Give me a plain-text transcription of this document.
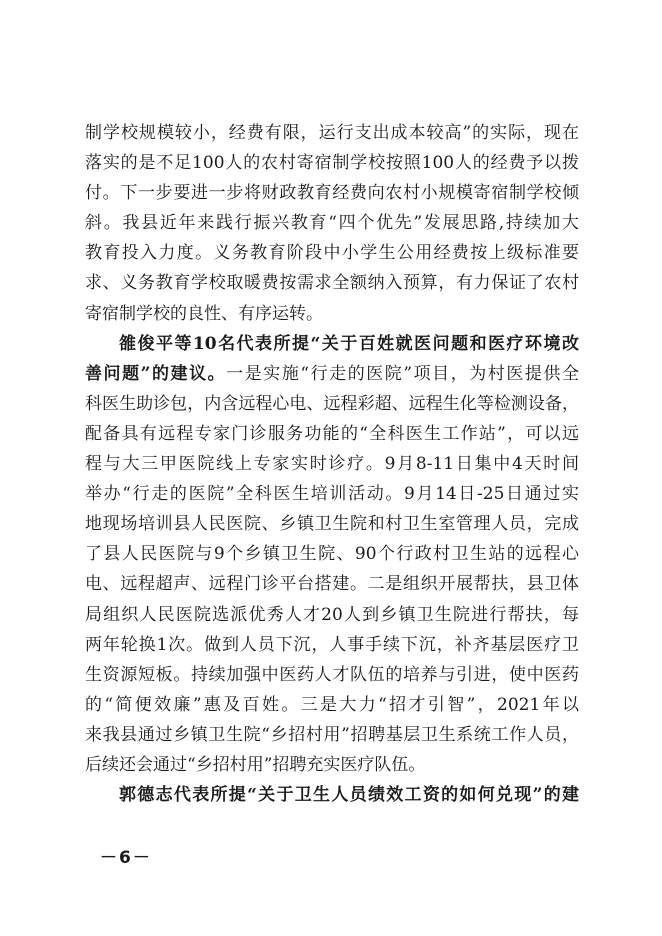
制学校规模较小，经费有限，运行支出成本较高”的实际，现在
落实的是不足100人的农村寄宿制学校按照100人的经费予以拨
付。下一步要进一步将财政教育经费向农村小规模寄宿制学校倾
斜。我县近年来践行振兴教育“四个优先”发展思路,持续加大
教育投入力度。义务教育阶段中小学生公用经费按上级标准要
求、义务教育学校取暖费按需求全额纳入预算，有力保证了农村
寄宿制学校的良性、有序运转。
雒俊平等10名代表所提“关于百姓就医问题和医疗环境改
善问题”的建议。一是实施“行走的医院”项目，为村医提供全
科医生助诊包，内含远程心电、远程彩超、远程生化等检测设备，
配备具有远程专家门诊服务功能的“全科医生工作站”，可以远
程与大三甲医院线上专家实时诊疗。9月8-11日集中4天时间
举办“行走的医院”全科医生培训活动。9月14日-25日通过实
地现场培训县人民医院、乡镇卫生院和村卫生室管理人员，完成
了县人民医院与9个乡镇卫生院、90个行政村卫生站的远程心
电、远程超声、远程门诊平台搭建。二是组织开展帮扶，县卫体
局组织人民医院选派优秀人才20人到乡镇卫生院进行帮扶，每
两年轮换1次。做到人员下沉，人事手续下沉，补齐基层医疗卫
生资源短板。持续加强中医药人才队伍的培养与引进，使中医药
的“简便效廉”惠及百姓。三是大力“招才引智”，2021年以
来我县通过乡镇卫生院“乡招村用”招聘基层卫生系统工作人员，
后续还会通过“乡招村用”招聘充实医疗队伍。
郭德志代表所提“关于卫生人员绩效工资的如何兑现”的建
－6－
